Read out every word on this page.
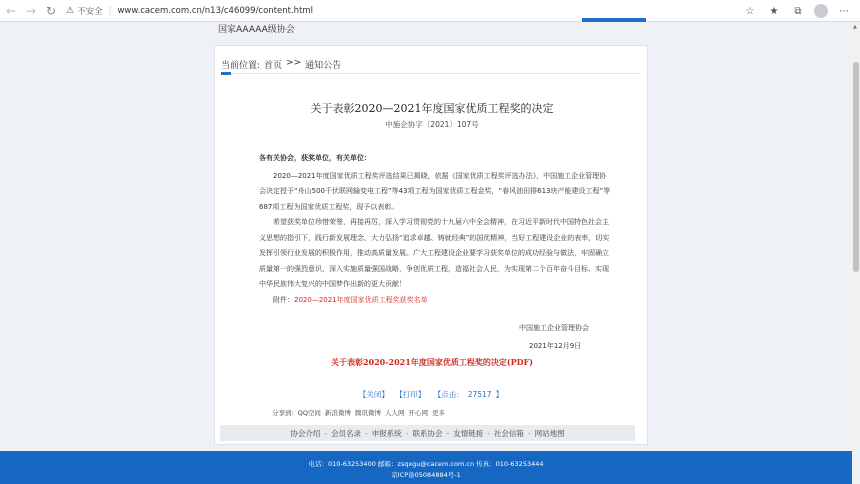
← → ↻	⚠ 不安全 | www.cacem.com.cn/n13/c46099/content.html	☆	★	⧉	⋯
国家AAAAA级协会
当前位置: 首页 >> 通知公告
关于表彰2020—2021年度国家优质工程奖的决定
中施企协字〔2021〕107号
各有关协会，获奖单位，有关单位：

2020—2021年度国家优质工程奖评选结果已揭晓，依据《国家优质工程奖评选办法》，中国施工企业管理协会决定授予“舟山500千伏联网输变电工程”等43项工程为国家优质工程金奖，“春风油田排613块产能建设工程”等687项工程为国家优质工程奖，现予以表彰。

希望获奖单位珍惜荣誉，再接再厉，深入学习贯彻党的十九届六中全会精神，在习近平新时代中国特色社会主义思想的指引下，践行新发展理念，大力弘扬“追求卓越、铸就经典”的国优精神，当好工程建设企业的表率，切实发挥引领行业发展的积极作用，推动高质量发展。广大工程建设企业要学习获奖单位的成功经验与做法，牢固确立质量第一的强烈意识，深入实施质量强国战略，争创优质工程，造福社会人民，为实现第二个百年奋斗目标、实现中华民族伟大复兴的中国梦作出新的更大贡献！

附件：2020—2021年度国家优质工程奖获奖名单

中国施工企业管理协会
2021年12月9日
关于表彰2020-2021年度国家优质工程奖的决定(PDF)
【关闭】 【打印】 【点击： 27517 】
分享到: QQ空间 新浪微博 腾讯微博 人人网 开心网 更多
协会介绍 - 会员名录 - 申报系统 - 联系协会 - 友情链接 - 社会信箱 - 网站地图
电话：010-63253400 邮箱：zsqxgu@cacem.com.cn 传真：010-63253444
京ICP备05084884号-1
▲
